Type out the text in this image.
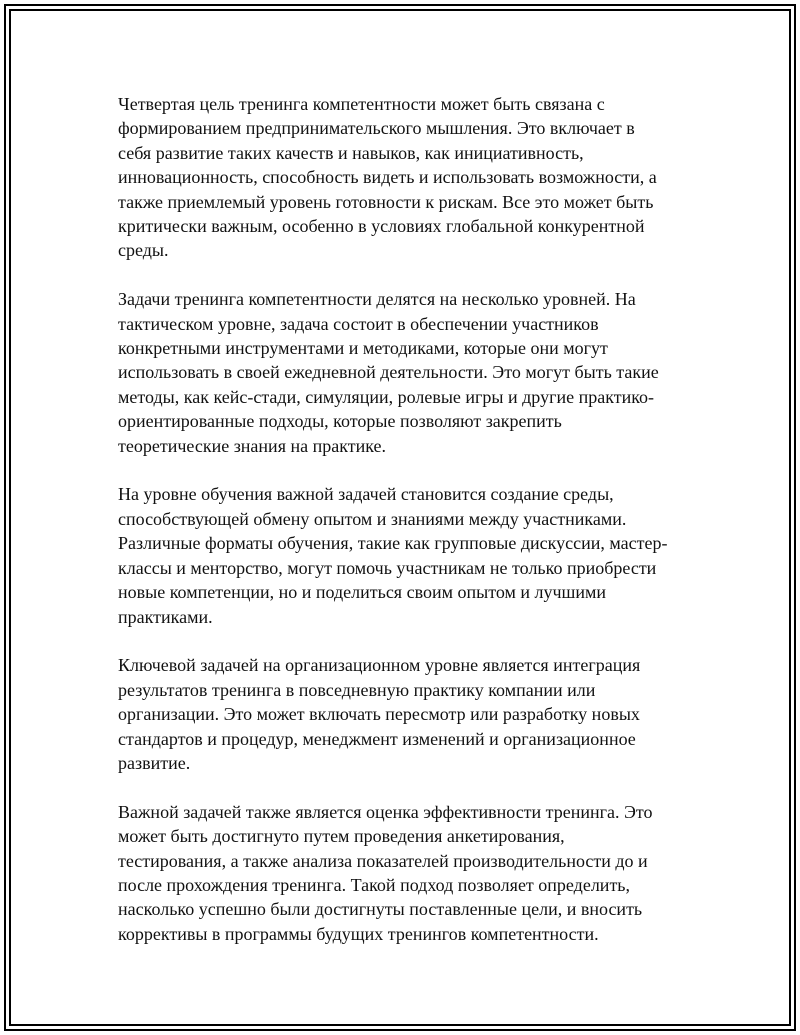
Четвертая цель тренинга компетентности может быть связана с
формированием предпринимательского мышления. Это включает в
себя развитие таких качеств и навыков, как инициативность,
инновационность, способность видеть и использовать возможности, а
также приемлемый уровень готовности к рискам. Все это может быть
критически важным, особенно в условиях глобальной конкурентной
среды.

Задачи тренинга компетентности делятся на несколько уровней. На
тактическом уровне, задача состоит в обеспечении участников
конкретными инструментами и методиками, которые они могут
использовать в своей ежедневной деятельности. Это могут быть такие
методы, как кейс-стади, симуляции, ролевые игры и другие практико-
ориентированные подходы, которые позволяют закрепить
теоретические знания на практике.

На уровне обучения важной задачей становится создание среды,
способствующей обмену опытом и знаниями между участниками.
Различные форматы обучения, такие как групповые дискуссии, мастер-
классы и менторство, могут помочь участникам не только приобрести
новые компетенции, но и поделиться своим опытом и лучшими
практиками.

Ключевой задачей на организационном уровне является интеграция
результатов тренинга в повседневную практику компании или
организации. Это может включать пересмотр или разработку новых
стандартов и процедур, менеджмент изменений и организационное
развитие.

Важной задачей также является оценка эффективности тренинга. Это
может быть достигнуто путем проведения анкетирования,
тестирования, а также анализа показателей производительности до и
после прохождения тренинга. Такой подход позволяет определить,
насколько успешно были достигнуты поставленные цели, и вносить
коррективы в программы будущих тренингов компетентности.
